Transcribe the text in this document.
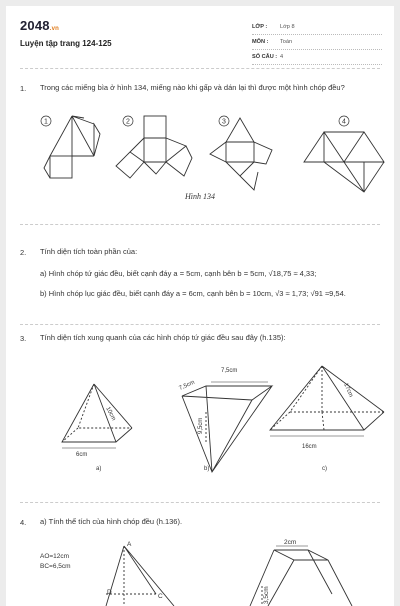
2048.vn
Luyện tập trang 124-125
LỚP :	Lớp 8
MÔN :	Toán
SỐ CÂU : 4
1. Trong các miếng bìa ở hình 134, miếng nào khi gấp và dán lại thì được một hình chóp đều?
1	2	3	4
Hình 134
2. Tính diện tích toàn phần của:
a) Hình chóp tứ giác đều, biết cạnh đáy a = 5cm, cạnh bên b = 5cm, √18,75 ≈ 4,33;
b) Hình chóp lục giác đều, biết cạnh đáy a = 6cm, cạnh bên b = 10cm, √3 ≈ 1,73; √91 ≈9,54.
3. Tính diện tích xung quanh của các hình chóp tứ giác đều sau đây (h.135):
10cm
6cm
a)
7,5cm
7,5cm
9,5cm
b)
17cm
16cm
c)
4. a) Tính thể tích của hình chóp đều (h.136).
AO=12cm
BC=6,5cm
A
C
D
2cm
3,5cm
